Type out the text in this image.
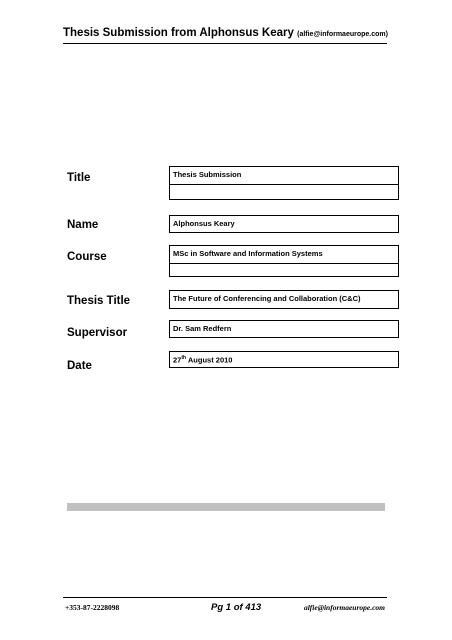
Thesis Submission from Alphonsus Keary (alfie@informaeurope.com)
Title	Thesis Submission
Name	Alphonsus Keary
Course	MSc in Software and Information Systems
Thesis Title	The Future of Conferencing and Collaboration (C&C)
Supervisor	Dr. Sam Redfern
Date	27th August 2010
+353-87-2228098	Pg 1 of 413	alfie@informaeurope.com
